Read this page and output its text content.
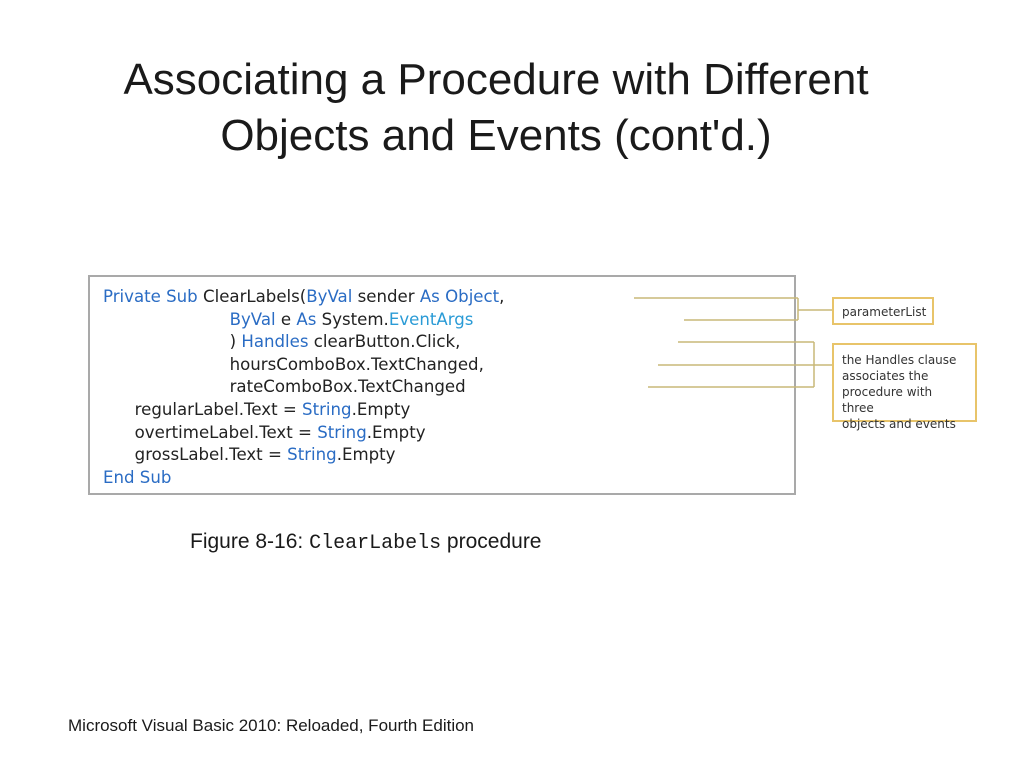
Associating a Procedure with Different
Objects and Events (cont'd.)
Private Sub ClearLabels(ByVal sender As Object,
ByVal e As System.EventArgs
) Handles clearButton.Click,
hoursComboBox.TextChanged,
rateComboBox.TextChanged
regularLabel.Text = String.Empty
overtimeLabel.Text = String.Empty
grossLabel.Text = String.Empty
End Sub
parameterList
the Handles clause
associates the
procedure with three
objects and events
Figure 8-16: ClearLabels procedure
Microsoft Visual Basic 2010: Reloaded, Fourth Edition
